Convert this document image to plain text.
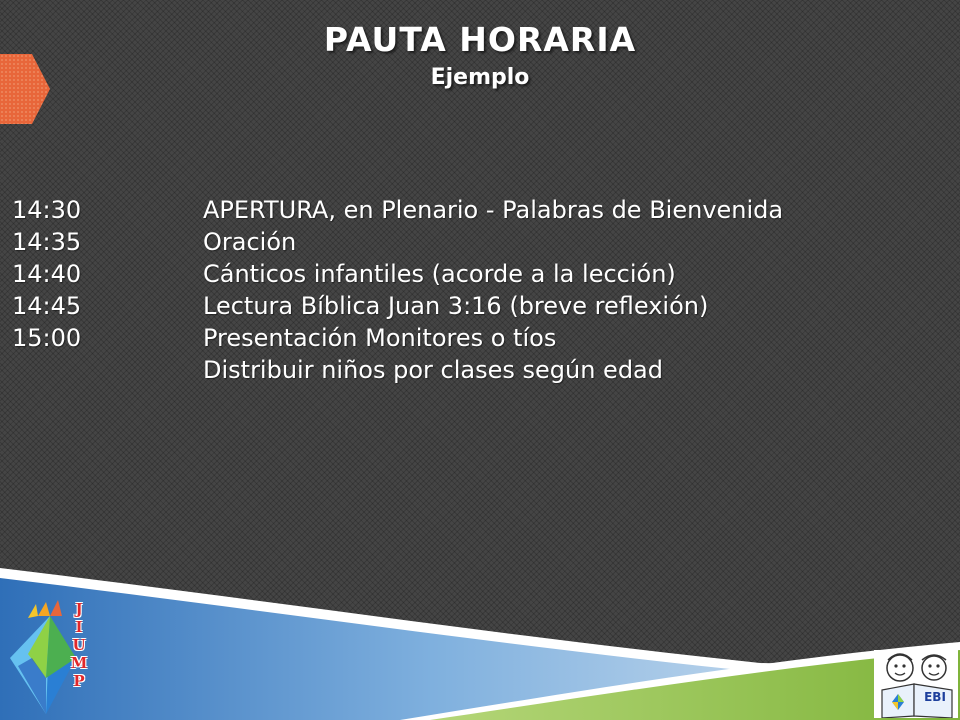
PAUTA HORARIA
Ejemplo
14:30	APERTURA, en Plenario - Palabras de Bienvenida
14:35	Oración
14:40	Cánticos infantiles (acorde a la lección)
14:45	Lectura Bíblica Juan 3:16 (breve reflexión)
15:00	Presentación Monitores o tíos
Distribuir niños por clases según edad
J
I
U
M
P
EBI
